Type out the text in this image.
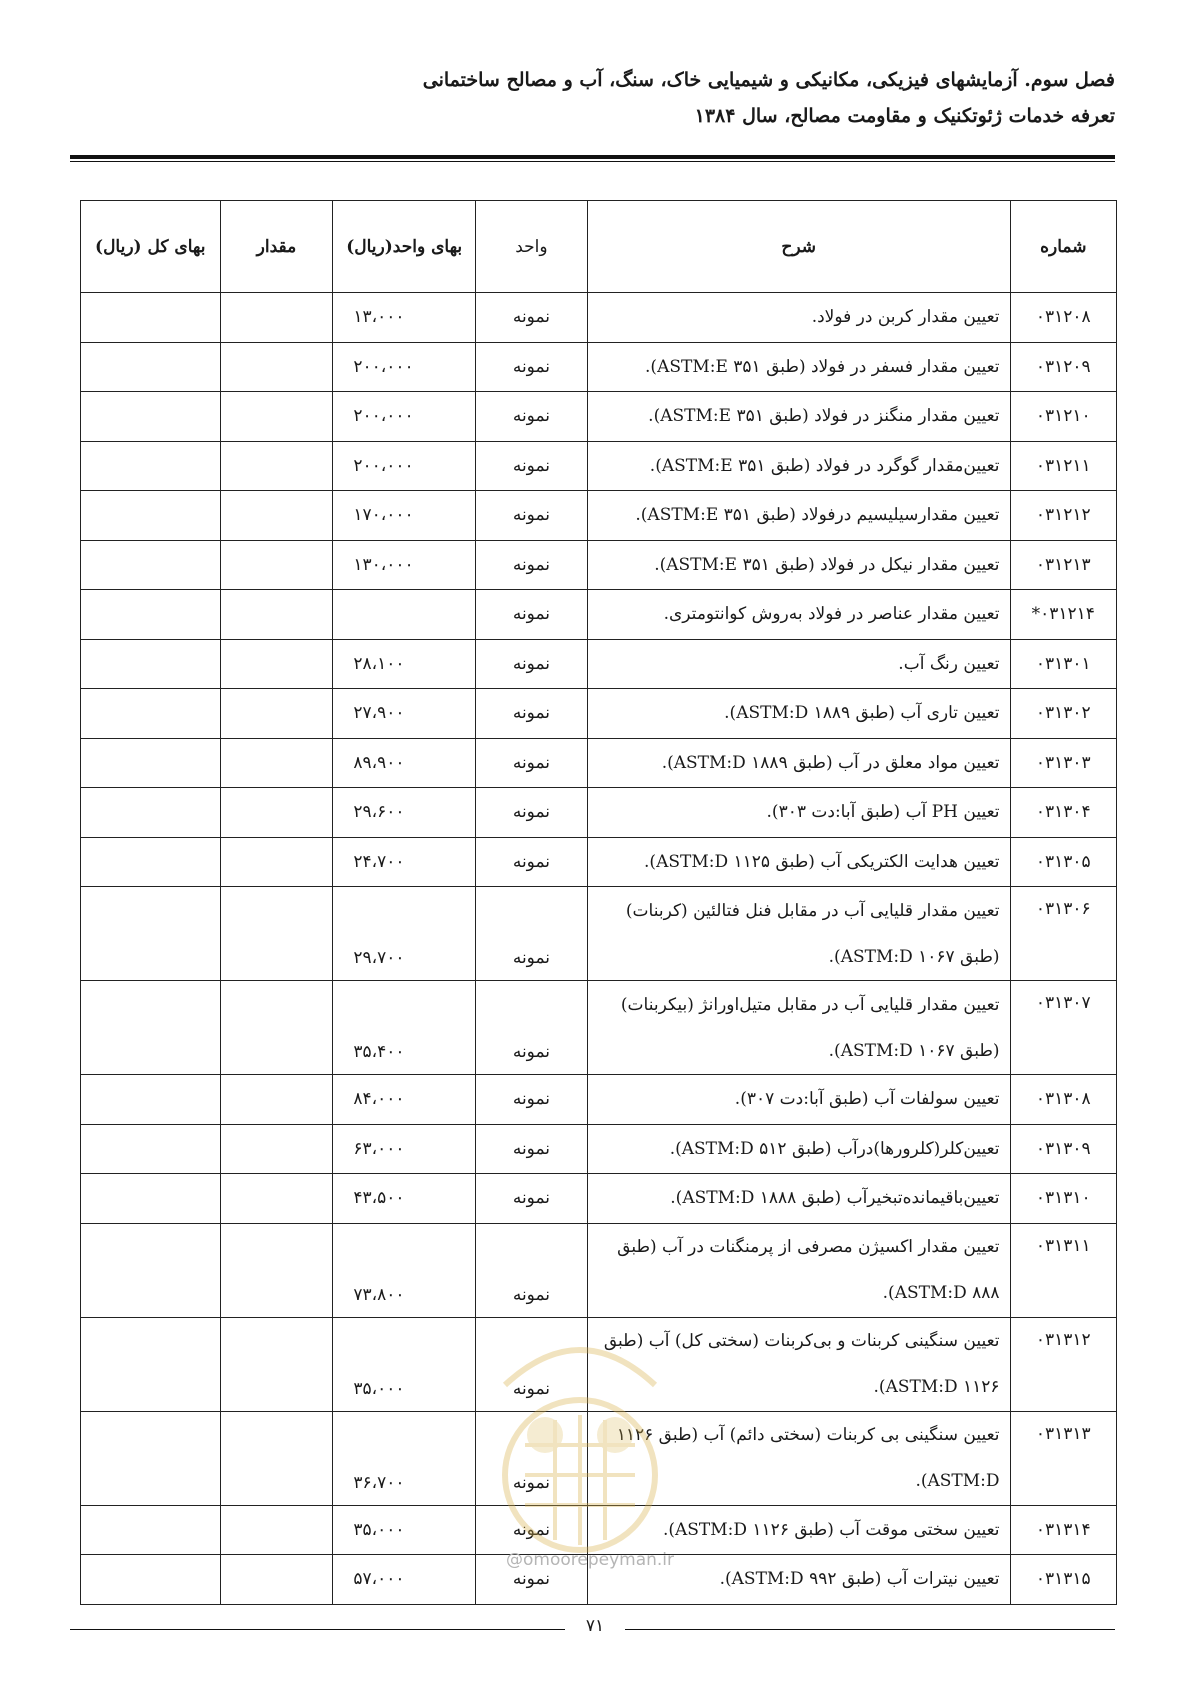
فصل سوم. آزمایشهای فیزیکی، مکانیکی و شیمیایی خاک، سنگ، آب و مصالح ساختمانی
تعرفه خدمات ژئوتکنیک و مقاومت مصالح، سال ۱۳۸۴
شماره	شرح	واحد	بهای واحد(ریال)	مقدار	بهای کل (ریال)
۰۳۱۲۰۸	تعیین مقدار کربن در فولاد.	نمونه	۱۳،۰۰۰		
۰۳۱۲۰۹	تعیین مقدار فسفر در فولاد (طبق ۳۵۱ ASTM:E).	نمونه	۲۰۰،۰۰۰		
۰۳۱۲۱۰	تعیین مقدار منگنز در فولاد (طبق ۳۵۱ ASTM:E).	نمونه	۲۰۰،۰۰۰		
۰۳۱۲۱۱	تعیین‌مقدار گوگرد در فولاد (طبق ۳۵۱ ASTM:E).	نمونه	۲۰۰،۰۰۰		
۰۳۱۲۱۲	تعیین مقدارسیلیسیم درفولاد (طبق ۳۵۱ ASTM:E).	نمونه	۱۷۰،۰۰۰		
۰۳۱۲۱۳	تعیین مقدار نیکل در فولاد (طبق ۳۵۱ ASTM:E).	نمونه	۱۳۰،۰۰۰		
۰۳۱۲۱۴*	تعیین مقدار عناصر در فولاد به‌روش کوانتومتری.	نمونه			
۰۳۱۳۰۱	تعیین رنگ آب.	نمونه	۲۸،۱۰۰		
۰۳۱۳۰۲	تعیین تاری آب (طبق ۱۸۸۹ ASTM:D).	نمونه	۲۷،۹۰۰		
۰۳۱۳۰۳	تعیین مواد معلق در آب (طبق ۱۸۸۹ ASTM:D).	نمونه	۸۹،۹۰۰		
۰۳۱۳۰۴	تعیین PH آب (طبق آبا:دت ۳۰۳).	نمونه	۲۹،۶۰۰		
۰۳۱۳۰۵	تعیین هدایت الکتریکی آب (طبق ۱۱۲۵ ASTM:D).	نمونه	۲۴،۷۰۰		
۰۳۱۳۰۶	تعیین مقدار قلیایی آب در مقابل فنل فتالئین (کربنات) (طبق ۱۰۶۷ ASTM:D).	نمونه	۲۹،۷۰۰		
۰۳۱۳۰۷	تعیین مقدار قلیایی آب در مقابل متیل‌اورانژ (بیکربنات) (طبق ۱۰۶۷ ASTM:D).	نمونه	۳۵،۴۰۰		
۰۳۱۳۰۸	تعیین سولفات آب (طبق آبا:دت ۳۰۷).	نمونه	۸۴،۰۰۰		
۰۳۱۳۰۹	تعیین‌کلر(کلرورها)درآب (طبق ۵۱۲ ASTM:D).	نمونه	۶۳،۰۰۰		
۰۳۱۳۱۰	تعیین‌باقیمانده‌تبخیرآب (طبق ۱۸۸۸ ASTM:D).	نمونه	۴۳،۵۰۰		
۰۳۱۳۱۱	تعیین مقدار اکسیژن مصرفی از پرمنگنات در آب (طبق ۸۸۸ ASTM:D).	نمونه	۷۳،۸۰۰		
۰۳۱۳۱۲	تعیین سنگینی کربنات و بی‌کربنات (سختی کل) آب (طبق ۱۱۲۶ ASTM:D).	نمونه	۳۵،۰۰۰		
۰۳۱۳۱۳	تعیین سنگینی بی کربنات (سختی دائم) آب (طبق ۱۱۲۶ ASTM:D).	نمونه	۳۶،۷۰۰		
۰۳۱۳۱۴	تعیین سختی موقت آب (طبق ۱۱۲۶ ASTM:D).	نمونه	۳۵،۰۰۰		
۰۳۱۳۱۵	تعیین نیترات آب (طبق ۹۹۲ ASTM:D).	نمونه	۵۷،۰۰۰		
@omoorepeyman.ir
۷۱
